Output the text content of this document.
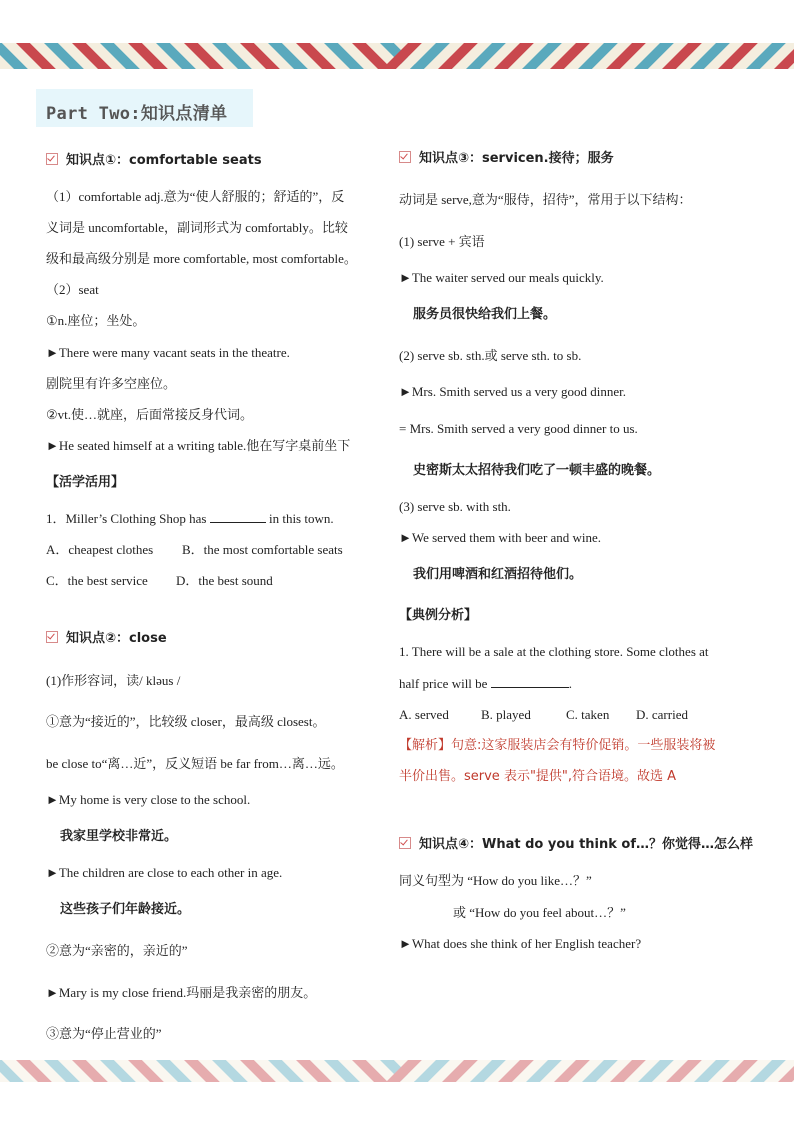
Part Two:知识点清单
知识点①：comfortable seats
（1）comfortable adj.意为“使人舒服的；舒适的”，反
义词是 uncomfortable，副词形式为 comfortably。比较
级和最高级分别是 more comfortable, most comfortable。
（2）seat
①n.座位；坐处。
►There were many vacant seats in the theatre.
剧院里有许多空座位。
②vt.使…就座，后面常接反身代词。
►He seated himself at a writing table.他在写字桌前坐下
【活学活用】
1．Miller’s Clothing Shop has	in this town.
A．cheapest clothes B．the most comfortable seats
C．the best service D．the best sound
知识点②：close
(1)作形容词，读/ kləus /
①意为“接近的”，比较级 closer，最高级 closest。
be close to“离…近”，反义短语 be far from…离…远。
►My home is very close to the school.
我家里学校非常近。
►The children are close to each other in age.
这些孩子们年龄接近。
②意为“亲密的，亲近的”
►Mary is my close friend.玛丽是我亲密的朋友。
③意为“停止营业的”
知识点③：servicen.接待；服务
动词是 serve,意为“服侍，招待”，常用于以下结构：
(1) serve + 宾语
►The waiter served our meals quickly.
服务员很快给我们上餐。
(2) serve sb. sth.或 serve sth. to sb.
►Mrs. Smith served us a very good dinner.
= Mrs. Smith served a very good dinner to us.
史密斯太太招待我们吃了一顿丰盛的晚餐。
(3) serve sb. with sth.
►We served them with beer and wine.
我们用啤酒和红酒招待他们。
【典例分析】
1. There will be a sale at the clothing store. Some clothes at
half price will be	.
A. served B. played	C. taken D. carried
【解析】句意:这家服装店会有特价促销。一些服装将被
半价出售。serve 表示"提供",符合语境。故选 A
知识点④：What do you think of…？你觉得…怎么样
同义句型为 “How do you like…？”
或 “How do you feel about…？”
►What does she think of her English teacher?
